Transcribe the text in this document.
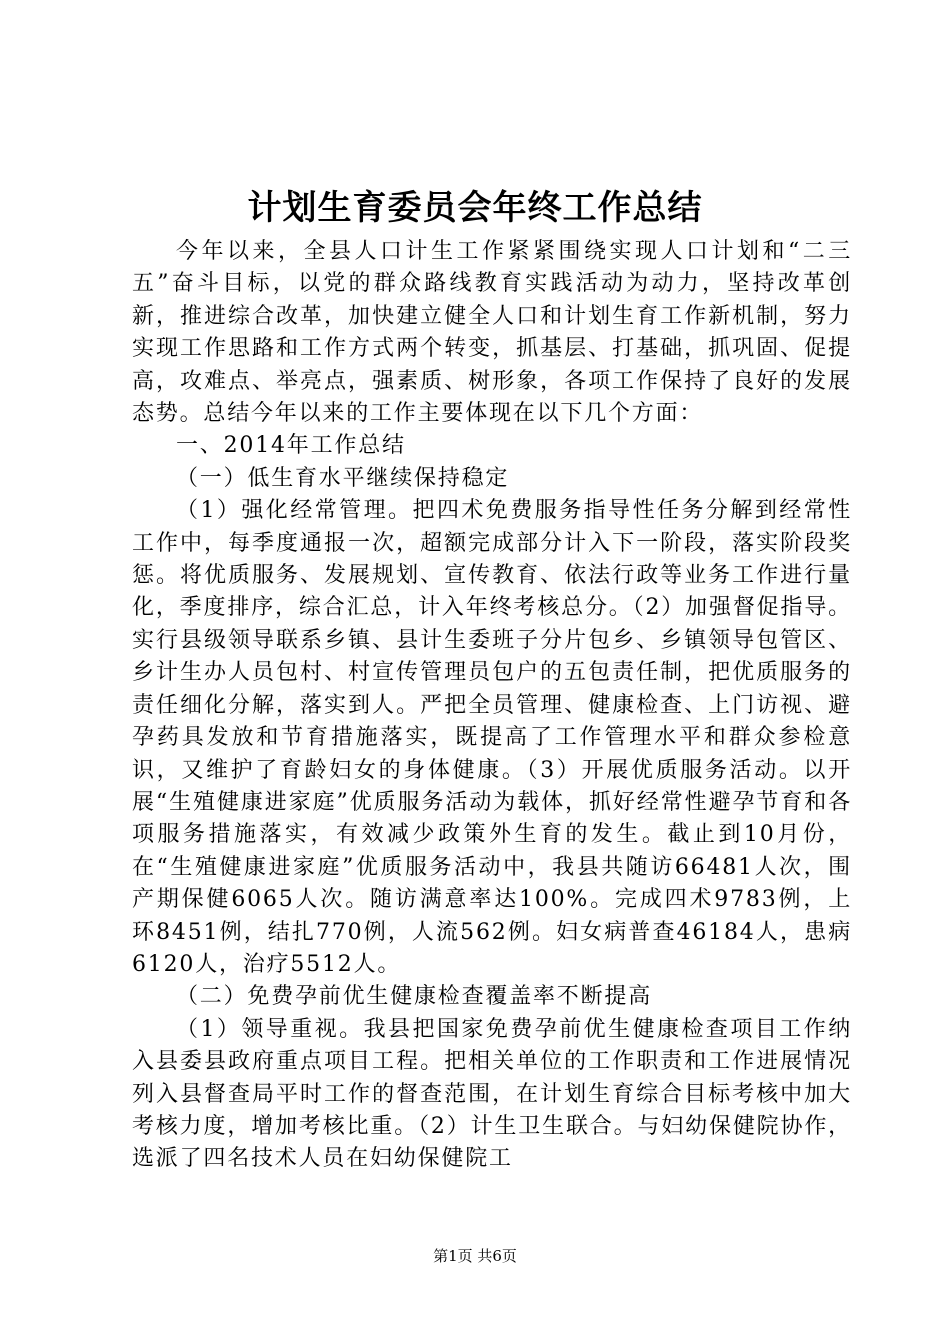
计划生育委员会年终工作总结

今年以来，全县人口计生工作紧紧围绕实现人口计划和“二三五”奋斗目标，以党的群众路线教育实践活动为动力，坚持改革创新，推进综合改革，加快建立健全人口和计划生育工作新机制，努力实现工作思路和工作方式两个转变，抓基层、打基础，抓巩固、促提高，攻难点、举亮点，强素质、树形象，各项工作保持了良好的发展态势。总结今年以来的工作主要体现在以下几个方面：

一、2014年工作总结

（一）低生育水平继续保持稳定

（1）强化经常管理。把四术免费服务指导性任务分解到经常性工作中，每季度通报一次，超额完成部分计入下一阶段，落实阶段奖惩。将优质服务、发展规划、宣传教育、依法行政等业务工作进行量化，季度排序，综合汇总，计入年终考核总分。（2）加强督促指导。实行县级领导联系乡镇、县计生委班子分片包乡、乡镇领导包管区、乡计生办人员包村、村宣传管理员包户的五包责任制，把优质服务的责任细化分解，落实到人。严把全员管理、健康检查、上门访视、避孕药具发放和节育措施落实，既提高了工作管理水平和群众参检意识，又维护了育龄妇女的身体健康。（3）开展优质服务活动。以开展“生殖健康进家庭”优质服务活动为载体，抓好经常性避孕节育和各项服务措施落实，有效减少政策外生育的发生。截止到10月份，在“生殖健康进家庭”优质服务活动中，我县共随访66481人次，围产期保健6065人次。随访满意率达100%。完成四术9783例，上环8451例，结扎770例，人流562例。妇女病普查46184人，患病6120人，治疗5512人。

（二）免费孕前优生健康检查覆盖率不断提高

（1）领导重视。我县把国家免费孕前优生健康检查项目工作纳入县委县政府重点项目工程。把相关单位的工作职责和工作进展情况列入县督查局平时工作的督查范围，在计划生育综合目标考核中加大考核力度，增加考核比重。（2）计生卫生联合。与妇幼保健院协作，选派了四名技术人员在妇幼保健院工

第1页 共6页
